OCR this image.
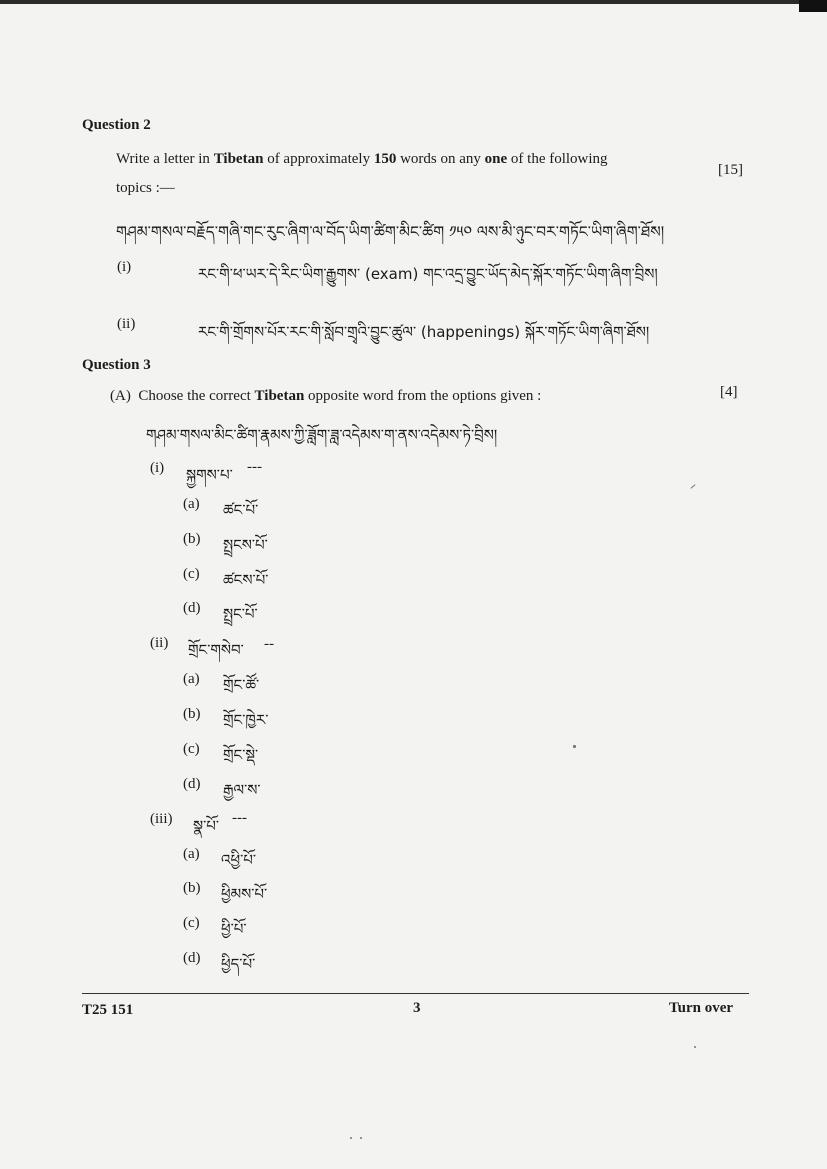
Question 2
Write a letter in Tibetan of approximately 150 words on any one of the following
[15]
topics :—
གཤམ་གསལ་བརྗོད་གཞི་གང་རུང་ཞིག་ལ་བོད་ཡིག་ཚིག་མིང་ཚིག ༡༥༠ ལས་མི་ཉུང་བར་གཏོང་ཡིག་ཞིག་ཐོས།
(i)	རང་གི་ཕ་ཡར་དེ་རིང་ཡིག་རྒྱུགས་ (exam) གང་འདྲ་བྱུང་ཡོད་མེད་སྐོར་གཏོང་ཡིག་ཞིག་བྲིས།
(ii)	རང་གི་གྲོགས་པོར་རང་གི་སློབ་གྲྭའི་བྱུང་ཚུལ་ (happenings) སྐོར་གཏོང་ཡིག་ཞིག་ཐོས།
Question 3
(A) Choose the correct Tibetan opposite word from the options given :	[4]
གཤམ་གསལ་མིང་ཚིག་རྣམས་ཀྱི་ཟློག་ཟླ་འདེམས་ག་ནས་འདེམས་ཏེ་བྲིས།
(i) སྐྱགས་པ་ ---
(a) ཚང་པོ་
(b) སྤྲངས་པོ་
(c) ཚངས་པོ་
(d) སྤྲང་པོ་
(ii) གྲོང་གསེབ་ --
(a) གྲོང་ཚོ་
(b) གྲོང་ཁྱེར་
(c) གྲོང་སྡེ་
(d) རྒྱལ་ས་
(iii) སྣ་པོ་ ---
(a) འཕྱི་པོ་
(b) ཕྱིམས་པོ་
(c) ཕྱི་པོ་
(d) ཕྱིད་པོ་
T25 151	3	Turn over
